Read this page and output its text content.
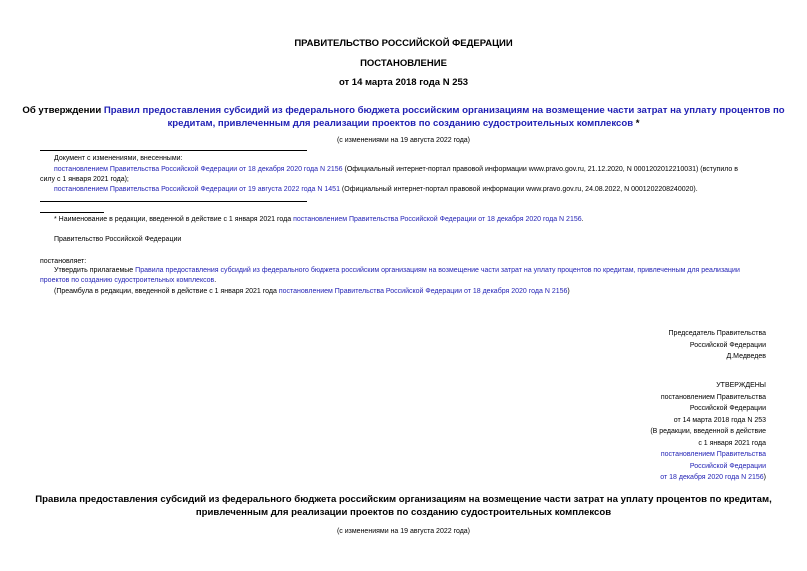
ПРАВИТЕЛЬСТВО РОССИЙСКОЙ ФЕДЕРАЦИИ
ПОСТАНОВЛЕНИЕ
от 14 марта 2018 года N 253
Об утверждении Правил предоставления субсидий из федерального бюджета российским организациям на возмещение части затрат на уплату процентов по
кредитам, привлеченным для реализации проектов по созданию судостроительных комплексов *
(с изменениями на 19 августа 2022 года)
Документ с изменениями, внесенными:
постановлением Правительства Российской Федерации от 18 декабря 2020 года N 2156 (Официальный интернет-портал правовой информации www.pravo.gov.ru, 21.12.2020, N 0001202012210031) (вступило в
силу с 1 января 2021 года);
постановлением Правительства Российской Федерации от 19 августа 2022 года N 1451 (Официальный интернет-портал правовой информации www.pravo.gov.ru, 24.08.2022, N 0001202208240020).
* Наименование в редакции, введенной в действие с 1 января 2021 года постановлением Правительства Российской Федерации от 18 декабря 2020 года N 2156.
Правительство Российской Федерации
постановляет:
Утвердить прилагаемые Правила предоставления субсидий из федерального бюджета российским организациям на возмещение части затрат на уплату процентов по кредитам, привлеченным для реализации
проектов по созданию судостроительных комплексов.
(Преамбула в редакции, введенной в действие с 1 января 2021 года постановлением Правительства Российской Федерации от 18 декабря 2020 года N 2156)
Председатель Правительства
Российской Федерации
Д.Медведев
УТВЕРЖДЕНЫ
постановлением Правительства
Российской Федерации
от 14 марта 2018 года N 253
(В редакции, введенной в действие
с 1 января 2021 года
постановлением Правительства
Российской Федерации
от 18 декабря 2020 года N 2156)
Правила предоставления субсидий из федерального бюджета российским организациям на возмещение части затрат на уплату процентов по кредитам,
привлеченным для реализации проектов по созданию судостроительных комплексов
(с изменениями на 19 августа 2022 года)
